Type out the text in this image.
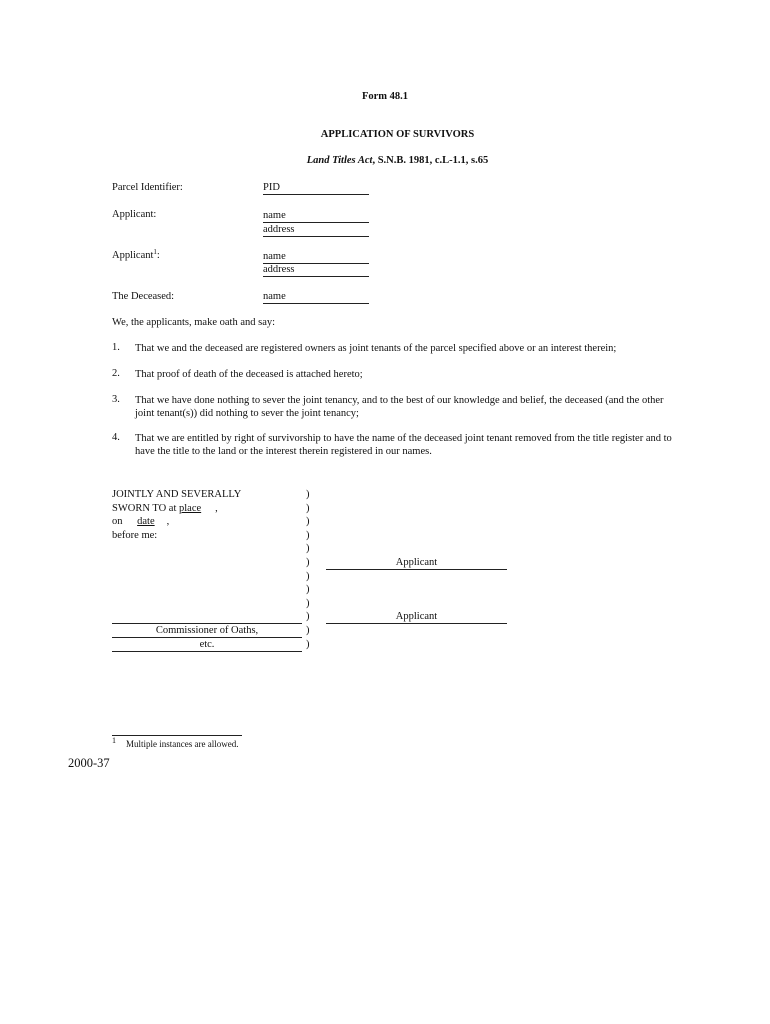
Form 48.1
APPLICATION OF SURVIVORS
Land Titles Act, S.N.B. 1981, c.L-1.1, s.65
Parcel Identifier:	PID
Applicant:	name
address
Applicant$^1$:	name
address
The Deceased:	name
We, the applicants, make oath and say:
1. That we and the deceased are registered owners as joint tenants of the parcel specified above or an interest therein;
2. That proof of death of the deceased is attached hereto;
3. That we have done nothing to sever the joint tenancy, and to the best of our knowledge and belief, the deceased (and the other joint tenant(s)) did nothing to sever the joint tenancy;
4. That we are entitled by right of survivorship to have the name of the deceased joint tenant removed from the title register and to have the title to the land or the interest therein registered in our names.
JOINTLY AND SEVERALLY
SWORN TO at place ,
on date ,
before me:
Commissioner of Oaths,
etc.
)
)
)
)
)
)
)
)
)
)
)
)
Applicant
Applicant
1 Multiple instances are allowed.
2000-37
